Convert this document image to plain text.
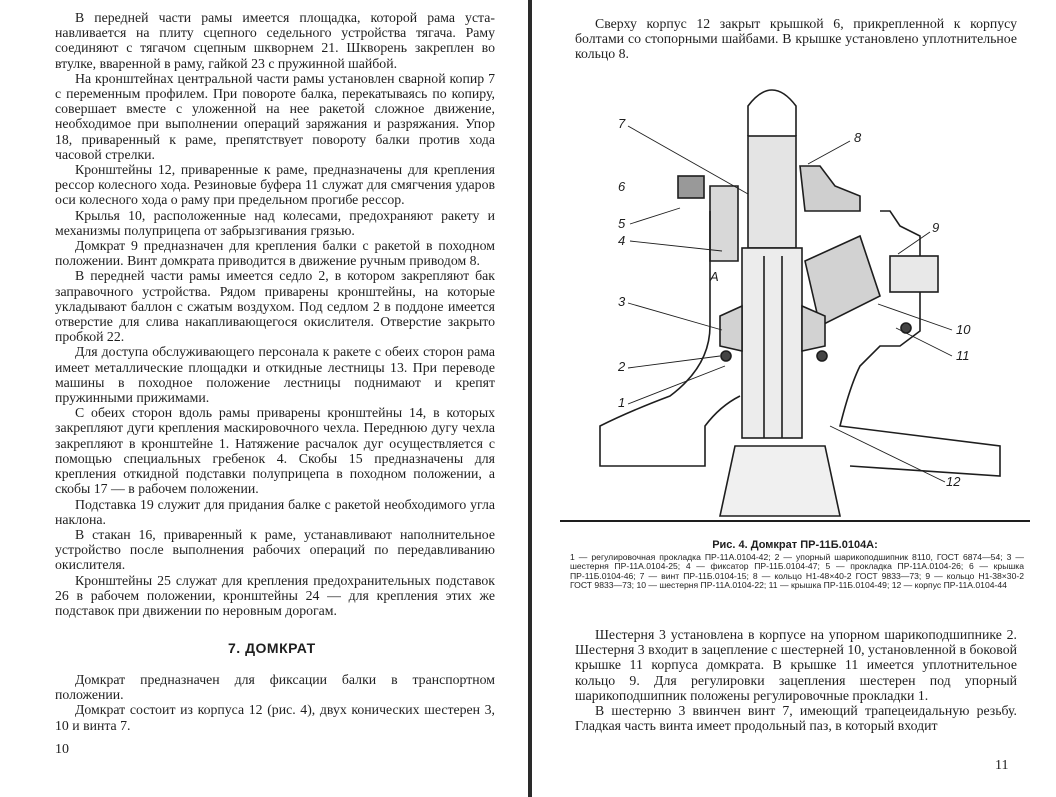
В передней части рамы имеется площадка, которой рама устанавливается на плиту сцепного седельного устройства тягача. Раму соединяют с тягачом сцепным шкворнем 21. Шкворень закреплен во втулке, вваренной в раму, гайкой 23 с пружинной шайбой.

На кронштейнах центральной части рамы установлен сварной копир 7 с переменным профилем. При повороте балка, перекатываясь по копиру, совершает вместе с уложенной на нее ракетой сложное движение, необходимое при выполнении операций заряжания и разряжания. Упор 18, приваренный к раме, препятствует повороту балки против хода часовой стрелки.

Кронштейны 12, приваренные к раме, предназначены для крепления рессор колесного хода. Резиновые буфера 11 служат для смягчения ударов оси колесного хода о раму при предельном прогибе рессор.

Крылья 10, расположенные над колесами, предохраняют ракету и механизмы полуприцепа от забрызгивания грязью.

Домкрат 9 предназначен для крепления балки с ракетой в походном положении. Винт домкрата приводится в движение ручным приводом 8.

В передней части рамы имеется седло 2, в котором закрепляют бак заправочного устройства. Рядом приварены кронштейны, на которые укладывают баллон с сжатым воздухом. Под седлом 2 в поддоне имеется отверстие для слива накапливающегося окислителя. Отверстие закрыто пробкой 22.

Для доступа обслуживающего персонала к ракете с обеих сторон рама имеет металлические площадки и откидные лестницы 13. При переводе машины в походное положение лестницы поднимают и крепят пружинными прижимами.

С обеих сторон вдоль рамы приварены кронштейны 14, в которых закрепляют дуги крепления маскировочного чехла. Переднюю дугу чехла закрепляют в кронштейне 1. Натяжение расчалок дуг осуществляется с помощью специальных гребенок 4. Скобы 15 предназначены для крепления откидной подставки полуприцепа в походном положении, а скобы 17 — в рабочем положении.

Подставка 19 служит для придания балке с ракетой необходимого угла наклона.

В стакан 16, приваренный к раме, устанавливают наполнительное устройство после выполнения рабочих операций по передавливанию окислителя.

Кронштейны 25 служат для крепления предохранительных подставок 26 в рабочем положении, кронштейны 24 — для крепления этих же подставок при движении по неровным дорогам.

7. ДОМКРАТ

Домкрат предназначен для фиксации балки в транспортном положении.

Домкрат состоит из корпуса 12 (рис. 4), двух конических шестерен 3, 10 и винта 7.

10

Сверху корпус 12 закрыт крышкой 6, прикрепленной к корпусу болтами со стопорными шайбами. В крышке установлено уплотнительное кольцо 8.

7
8
6
5
4
А
9
3
10
2
11
1
12
Рис. 4. Домкрат ПР-11Б.0104А:
1 — регулировочная прокладка ПР-11А.0104-42; 2 — упорный шарикоподшипник 8110, ГОСТ 6874—54; 3 — шестерня ПР-11А.0104-25; 4 — фиксатор ПР-11Б.0104-47; 5 — прокладка ПР-11А.0104-26; 6 — крышка ПР-11Б.0104-46; 7 — винт ПР-11Б.0104-15; 8 — кольцо Н1-48×40-2 ГОСТ 9833—73; 9 — кольцо Н1-38×30-2 ГОСТ 9833—73; 10 — шестерня ПР-11А.0104-22; 11 — крышка ПР-11Б.0104-49; 12 — корпус ПР-11А.0104-44

Шестерня 3 установлена в корпусе на упорном шарикоподшипнике 2. Шестерня 3 входит в зацепление с шестерней 10, установленной в боковой крышке 11 корпуса домкрата. В крышке 11 имеется уплотнительное кольцо 9. Для регулировки зацепления шестерен под упорный шарикоподшипник положены регулировочные прокладки 1.

В шестерню 3 ввинчен винт 7, имеющий трапецеидальную резьбу. Гладкая часть винта имеет продольный паз, в который входит

11
